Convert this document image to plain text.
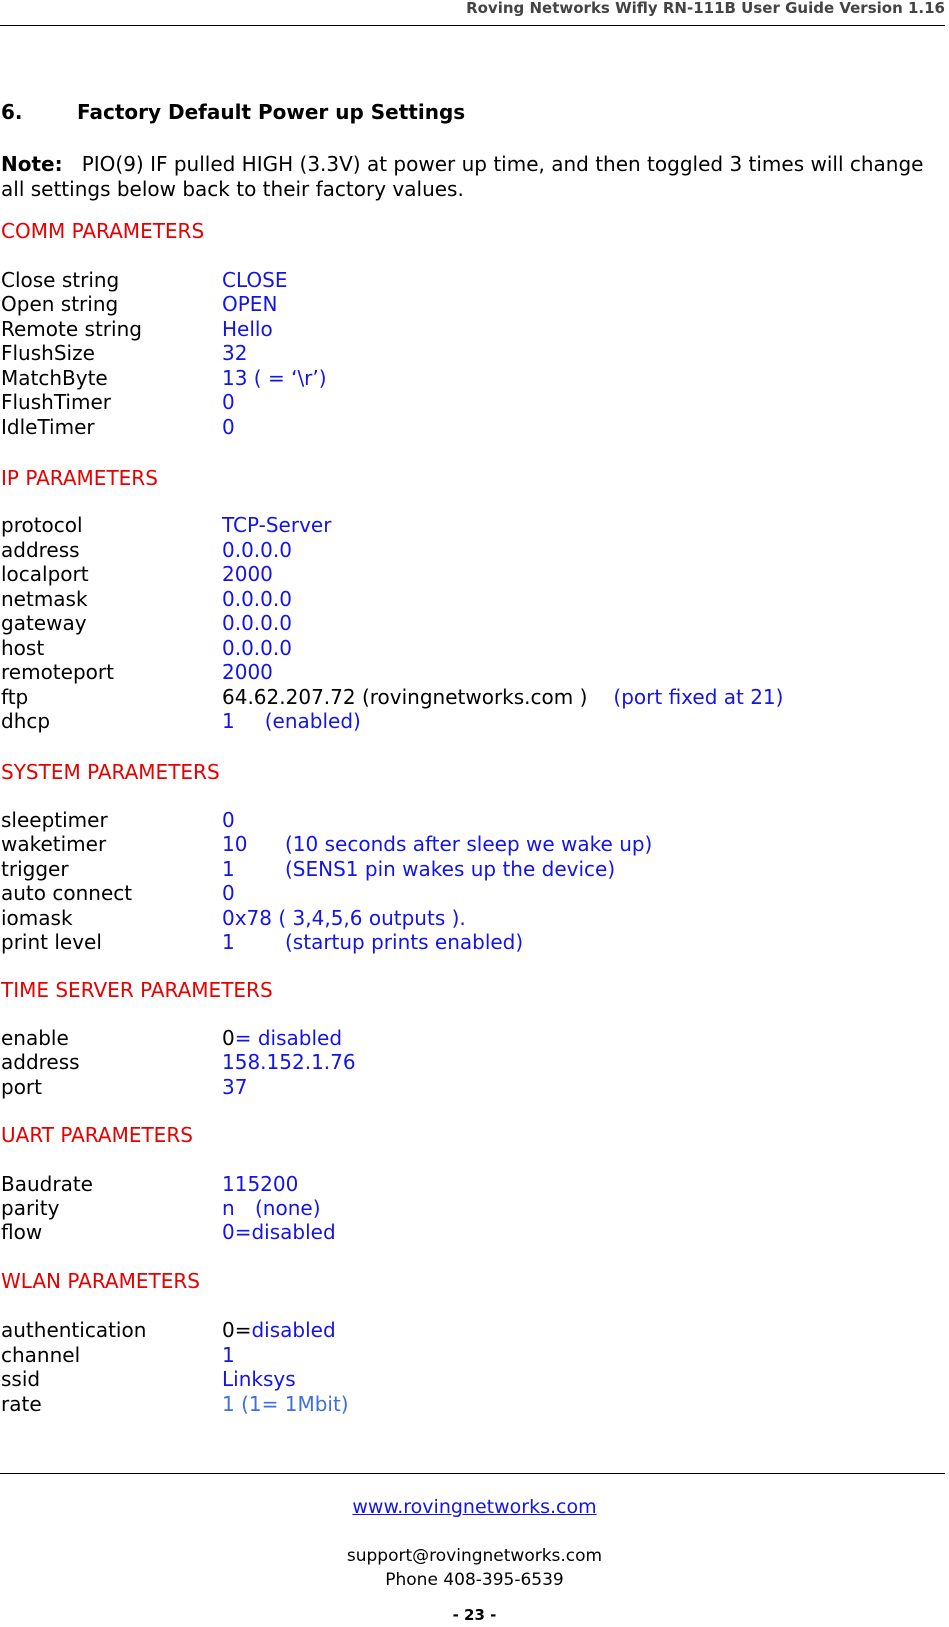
Roving Networks Wifly RN-111B User Guide Version 1.16
6.	Factory Default Power up Settings
Note: PIO(9) IF pulled HIGH (3.3V) at power up time, and then toggled 3 times will change all settings below back to their factory values.
COMM PARAMETERS
Close string	CLOSE
Open string	OPEN
Remote string	Hello
FlushSize	32
MatchByte	13 ( = ‘\r’)
FlushTimer	0
IdleTimer	0
IP PARAMETERS
protocol	TCP-Server
address	0.0.0.0
localport	2000
netmask	0.0.0.0
gateway	0.0.0.0
host	0.0.0.0
remoteport	2000
ftp	64.62.207.72 (rovingnetworks.com ) (port fixed at 21)
dhcp	1 (enabled)
SYSTEM PARAMETERS
sleeptimer	0
waketimer	10 (10 seconds after sleep we wake up)
trigger	1	(SENS1 pin wakes up the device)
auto connect	0
iomask	0x78 ( 3,4,5,6 outputs ).
print level	1	(startup prints enabled)
TIME SERVER PARAMETERS
enable	0= disabled
address	158.152.1.76
port	37
UART PARAMETERS
Baudrate	115200
parity	n (none)
flow	0=disabled
WLAN PARAMETERS
authentication	0=disabled
channel	1
ssid	Linksys
rate	1 (1= 1Mbit)
www.rovingnetworks.com
support@rovingnetworks.com
Phone 408-395-6539
- 23 -
